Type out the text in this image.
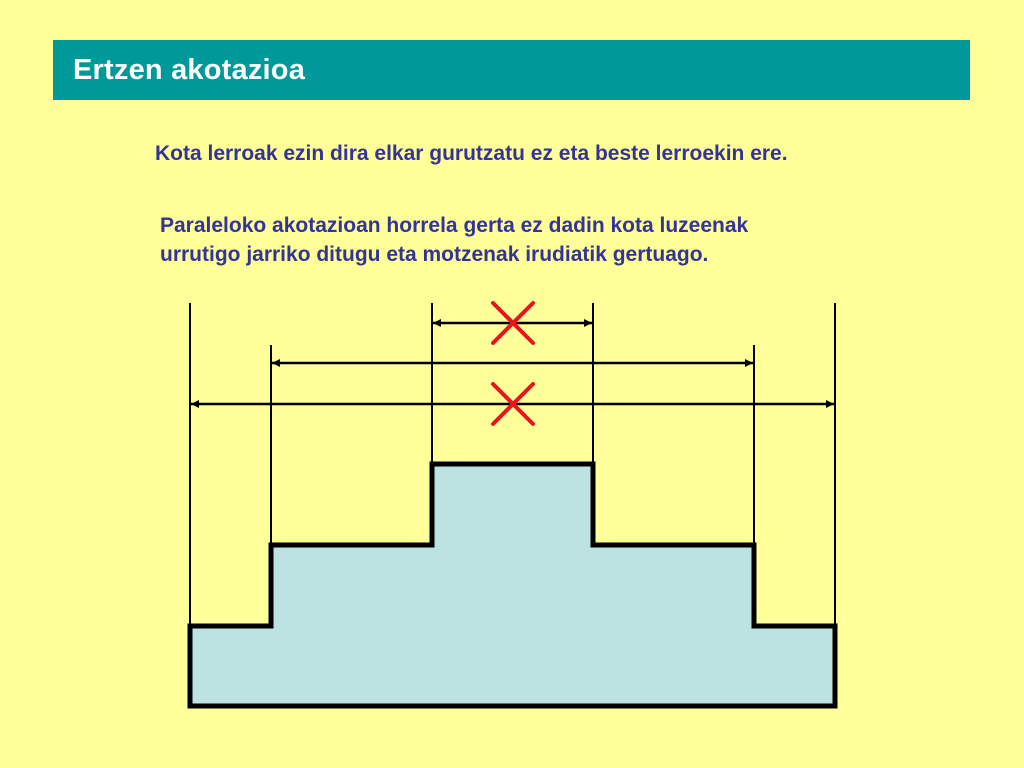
Ertzen akotazioa
Kota lerroak ezin dira elkar gurutzatu ez eta beste lerroekin ere.
Paraleloko akotazioan horrela gerta ez dadin kota luzeenak
urrutigo jarriko ditugu eta motzenak irudiatik gertuago.
